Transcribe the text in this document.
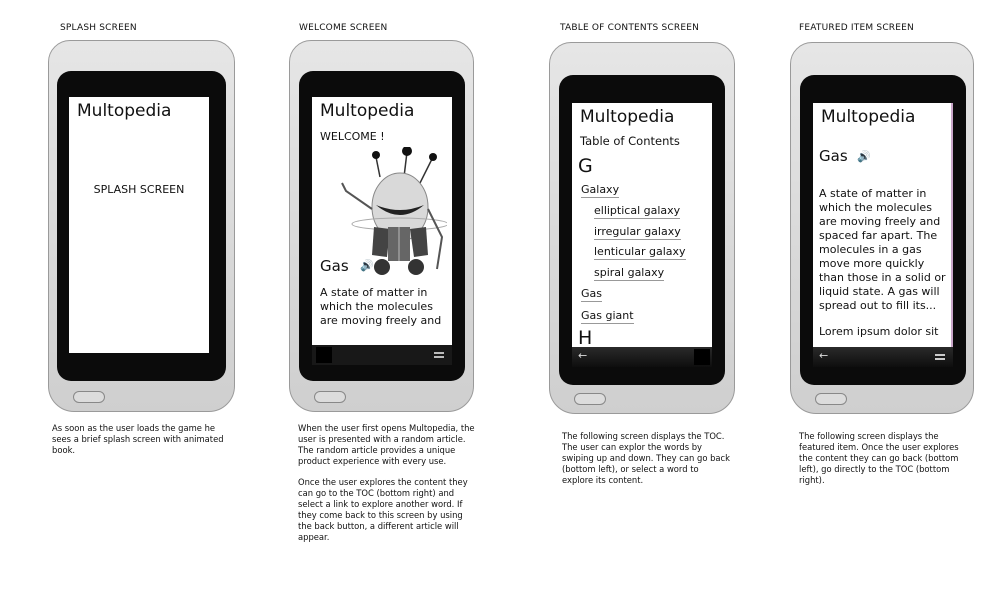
SPLASH SCREEN
Multopedia
SPLASH SCREEN
As soon as the user loads the game he sees a brief splash screen with animated book.
WELCOME SCREEN
Multopedia
WELCOME !
Gas 🔊
A state of matter in which the molecules are moving freely and

When the user first opens Multopedia, the user is presented with a random article. The random article provides a unique product experience with every use.

Once the user explores the content they can go to the TOC (bottom right) and select a link to explore another word. If they come back to this screen by using the back button, a different article will appear.

TABLE OF CONTENTS SCREEN
Multopedia
Table of Contents
G
Galaxy
elliptical galaxy
irregular galaxy
lenticular galaxy
spiral galaxy
Gas
Gas giant
H
←
The following screen displays the TOC. The user can explor the words by swiping up and down. They can go back (bottom left), or select a word to explore its content.
FEATURED ITEM SCREEN
Multopedia
Gas 🔊
A state of matter in which the molecules are moving freely and spaced far apart. The molecules in a gas move more quickly than those in a solid or liquid state. A gas will spread out to fill its...
Lorem ipsum dolor sit
←
The following screen displays the featured item. Once the user explores the content they can go back (bottom left), go directly to the TOC (bottom right).
